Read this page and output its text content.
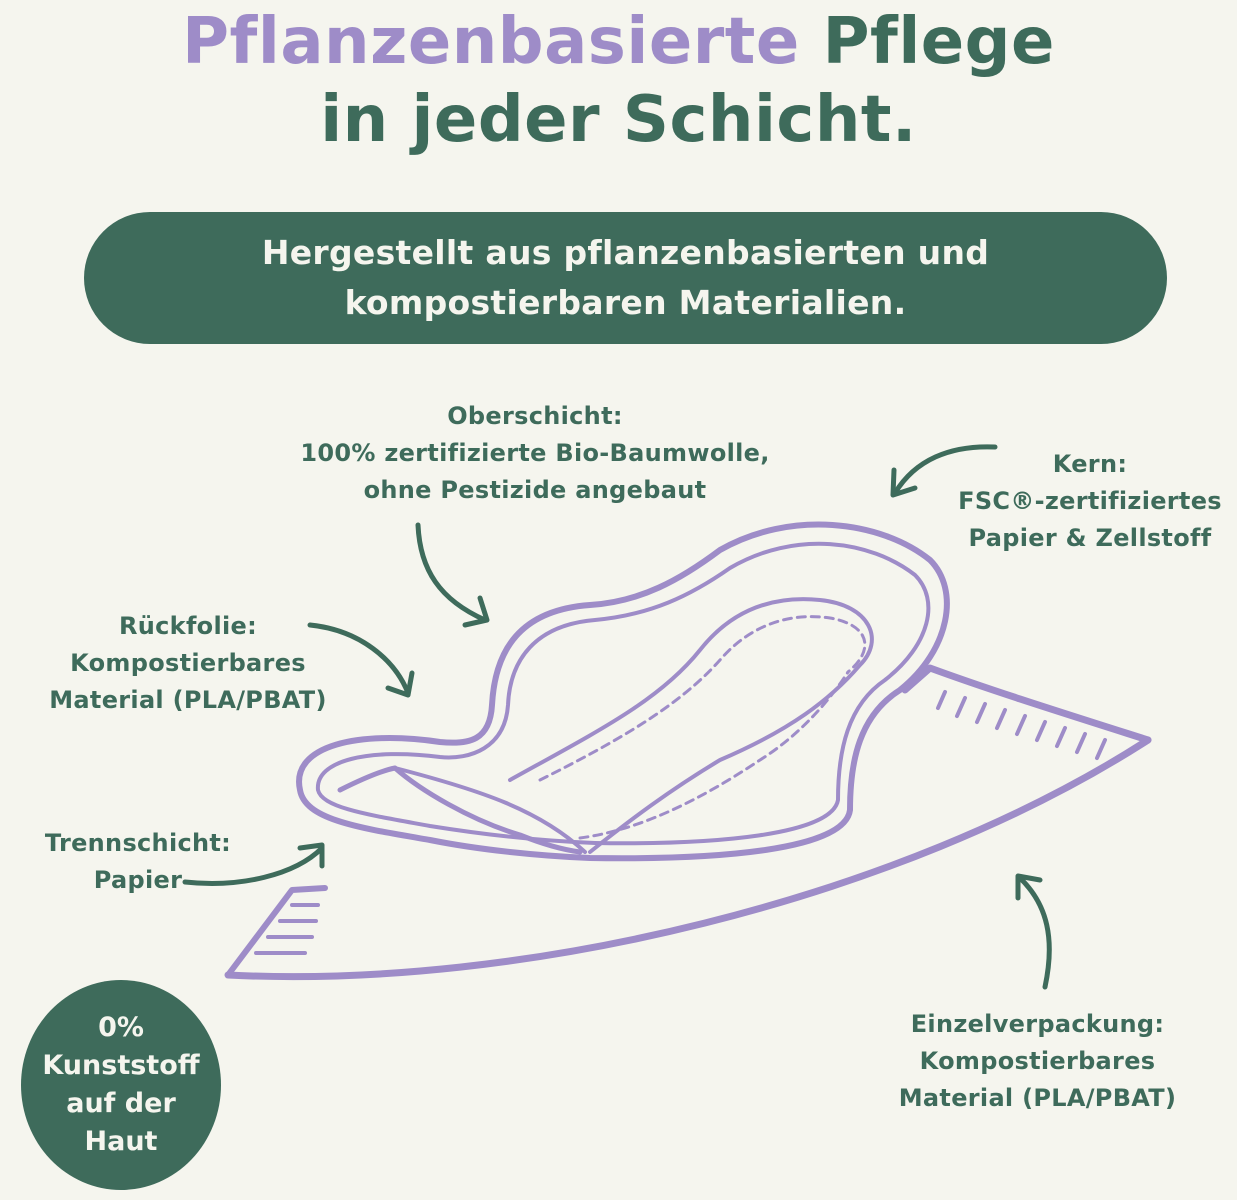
Pflanzenbasierte Pflege
in jeder Schicht.
Hergestellt aus pflanzenbasierten und
kompostierbaren Materialien.
Oberschicht:
100% zertifizierte Bio-Baumwolle,
ohne Pestizide angebaut
Kern:
FSC®-zertifiziertes
Papier & Zellstoff
Rückfolie:
Kompostierbares
Material (PLA/PBAT)
Trennschicht:
Papier
Einzelverpackung:
Kompostierbares
Material (PLA/PBAT)
0%
Kunststoff
auf der
Haut
